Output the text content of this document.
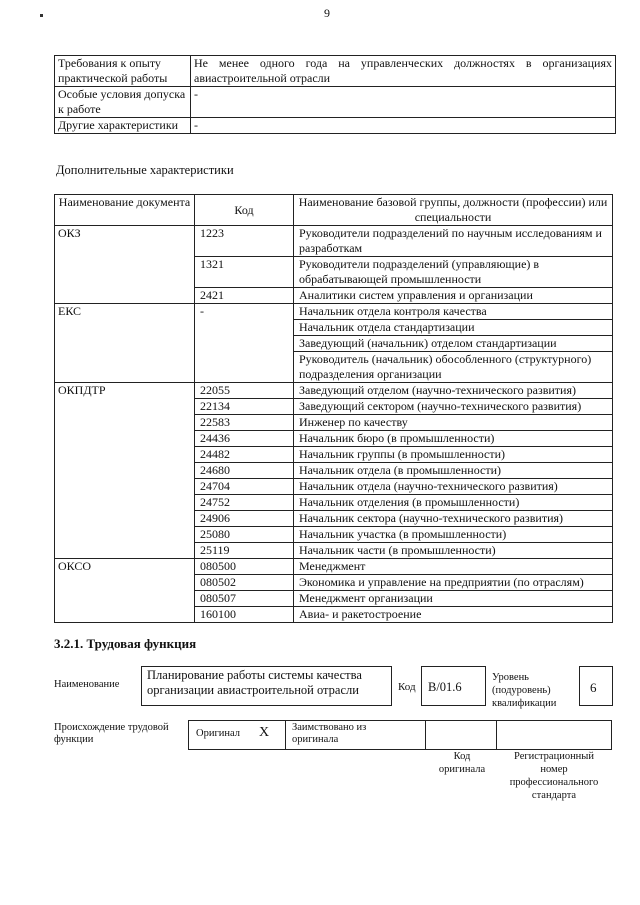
9
Требования к опыту практической работы	Не менее одного года на управленческих должностях в организациях авиастроительной отрасли
Особые условия допуска к работе	-
Другие характеристики	-
Дополнительные характеристики
Наименование документа	Код	Наименование базовой группы, должности (профессии) или специальности
ОКЗ	1223	Руководители подразделений по научным исследованиям и разработкам
	1321	Руководители подразделений (управляющие) в обрабатывающей промышленности
	2421	Аналитики систем управления и организации
ЕКС	-	Начальник отдела контроля качества
		Начальник отдела стандартизации
		Заведующий (начальник) отделом стандартизации
		Руководитель (начальник) обособленного (структурного) подразделения организации
ОКПДТР	22055	Заведующий отделом (научно-технического развития)
	22134	Заведующий сектором (научно-технического развития)
	22583	Инженер по качеству
	24436	Начальник бюро (в промышленности)
	24482	Начальник группы (в промышленности)
	24680	Начальник отдела (в промышленности)
	24704	Начальник отдела (научно-технического развития)
	24752	Начальник отделения (в промышленности)
	24906	Начальник сектора (научно-технического развития)
	25080	Начальник участка (в промышленности)
	25119	Начальник части (в промышленности)
ОКСО	080500	Менеджмент
	080502	Экономика и управление на предприятии (по отраслям)
	080507	Менеджмент организации
	160100	Авиа- и ракетостроение
3.2.1. Трудовая функция
Наименование
Планирование работы системы качества организации авиастроительной отрасли	Код В/01.6
Уровень (подуровень) квалификации
6
Происхождение трудовой функции
Оригинал X Заимствовано из оригинала
Код оригинала
Регистрационный номер профессионального стандарта
